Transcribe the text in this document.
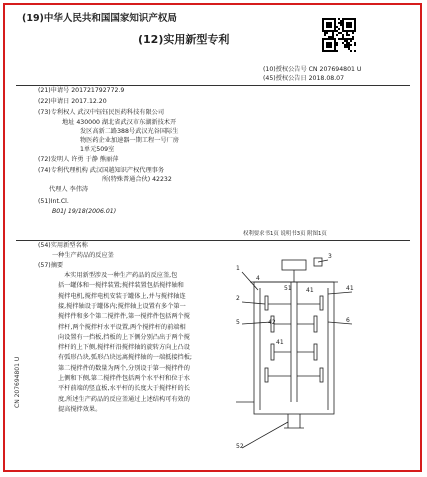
(19)中华人民共和国国家知识产权局
(12)实用新型专利
(10)授权公告号 CN 207694801 U
(45)授权公告日 2018.08.07
(21)申请号 201721792772.9
(22)申请日 2017.12.20
(73)专利权人 武汉中钰钰民医药科技有限公司
地址 430000 湖北省武汉市东湖新技术开
发区高新二路388号武汉光谷国际生
物医药企业加速器一期工程一号厂房
1单元509室
(72)发明人 许勇 于静 熊丽萍
(74)专利代理机构 武汉国越知识产权代理事务
所(特殊普通合伙) 42232
代理人 李伟涛
(51)Int.Cl.
B01J 19/18(2006.01)
权利要求书1页 说明书3页 附图1页
(54)实用新型名称
一种生产药品的反应釜
(57)摘要
本实用新型涉及一种生产药品的反应釜,包
括一罐体和一搅拌装置;搅拌装置包括搅拌轴和
搅拌电机,搅拌电机安装于罐体上,并与搅拌轴连
接,搅拌轴设于罐体内;搅拌轴上设置有多个第一
搅拌件和多个第二搅拌件,第一搅拌件包括两个搅
拌杆,两个搅拌杆水平设置,两个搅拌杆的前端相
向设置有一挡板,挡板的上下侧分别凸出于两个搅
拌杆的上下侧,搅拌杆沿搅拌轴的旋转方向上凸设
有弧形凸块,弧形凸块远离搅拌轴的一端抵接挡板;
第二搅拌件的数量为两个,分别设于第一搅拌件的
上侧和下侧,第二搅拌件包括两个水平杆和位于水
平杆前端的竖直板,水平杆的长度大于搅拌杆的长
度,所述生产药品的反应釜通过上述结构可有效的
提高搅拌效果。
CN 207694801 U
1
2
3
4
41
42
5
51
52
6
41
41
